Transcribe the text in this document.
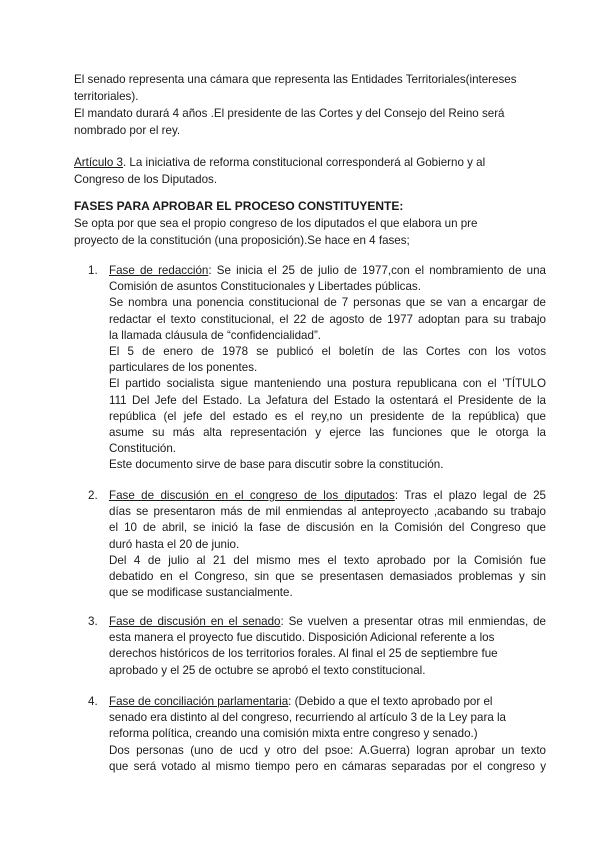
El senado representa una cámara que representa las Entidades Territoriales(intereses
territoriales).
El mandato durará 4 años .El presidente de las Cortes y del Consejo del Reino será
nombrado por el rey.

Artículo 3. La iniciativa de reforma constitucional corresponderá al Gobierno y al
Congreso de los Diputados.

FASES PARA APROBAR EL PROCESO CONSTITUYENTE:
Se opta por que sea el propio congreso de los diputados el que elabora un pre
proyecto de la constitución (una proposición).Se hace en 4 fases;

1. Fase de redacción: Se inicia el 25 de julio de 1977,con el nombramiento de una
Comisión de asuntos Constitucionales y Libertades públicas.
Se nombra una ponencia constitucional de 7 personas que se van a encargar de
redactar el texto constitucional, el 22 de agosto de 1977 adoptan para su trabajo
la llamada cláusula de “confidencialidad”.
El 5 de enero de 1978 se publicó el boletín de las Cortes con los votos
particulares de los ponentes.
El partido socialista sigue manteniendo una postura republicana con el 'TÍTULO
111 Del Jefe del Estado. La Jefatura del Estado la ostentará el Presidente de la
república (el jefe del estado es el rey,no un presidente de la república) que
asume su más alta representación y ejerce las funciones que le otorga la
Constitución.
Este documento sirve de base para discutir sobre la constitución.
2. Fase de discusión en el congreso de los diputados: Tras el plazo legal de 25
días se presentaron más de mil enmiendas al anteproyecto ,acabando su trabajo
el 10 de abril, se inició la fase de discusión en la Comisión del Congreso que
duró hasta el 20 de junio.
Del 4 de julio al 21 del mismo mes el texto aprobado por la Comisión fue
debatido en el Congreso, sin que se presentasen demasiados problemas y sin
que se modificase sustancialmente.
3. Fase de discusión en el senado: Se vuelven a presentar otras mil enmiendas, de
esta manera el proyecto fue discutido. Disposición Adicional referente a los
derechos históricos de los territorios forales. Al final el 25 de septiembre fue
aprobado y el 25 de octubre se aprobó el texto constitucional.
4. Fase de conciliación parlamentaria: (Debido a que el texto aprobado por el
senado era distinto al del congreso, recurriendo al artículo 3 de la Ley para la
reforma política, creando una comisión mixta entre congreso y senado.)
Dos personas (uno de ucd y otro del psoe: A.Guerra) logran aprobar un texto
que será votado al mismo tiempo pero en cámaras separadas por el congreso y
